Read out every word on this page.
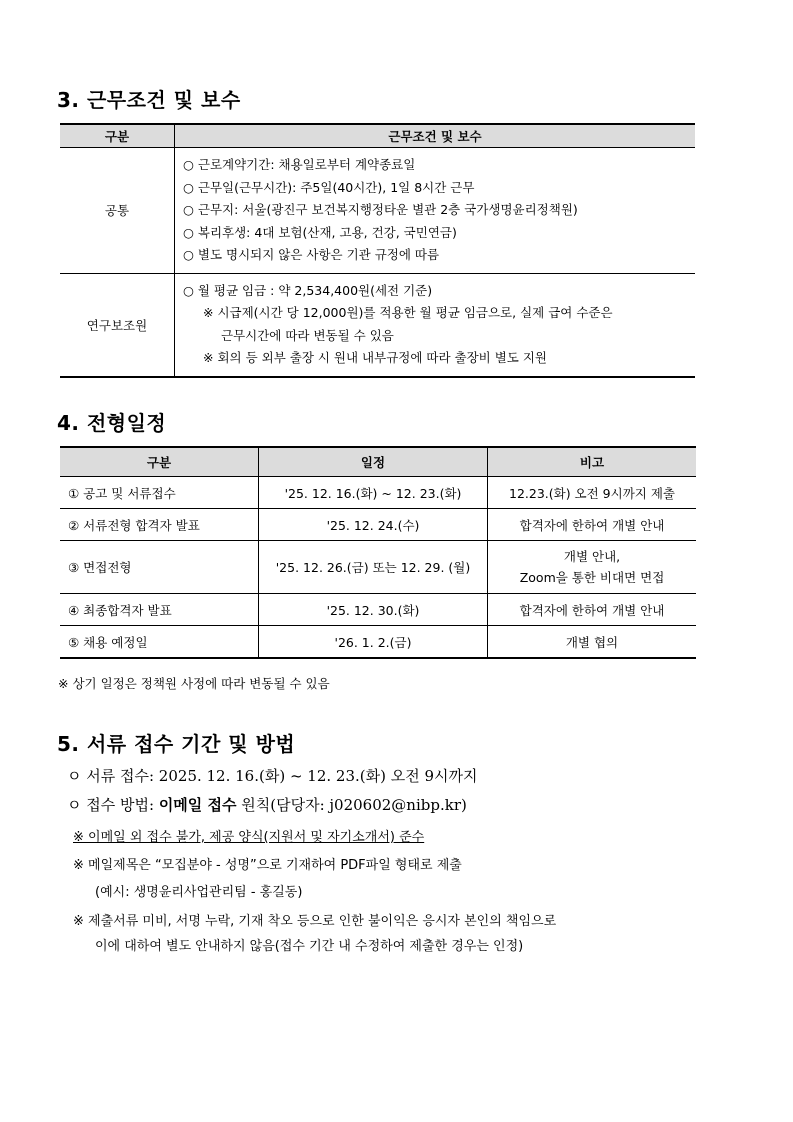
3. 근무조건 및 보수
구분	근무조건 및 보수
공통	○ 근로계약기간: 채용일로부터 계약종료일
○ 근무일(근무시간): 주5일(40시간), 1일 8시간 근무
○ 근무지: 서울(광진구 보건복지행정타운 별관 2층 국가생명윤리정책원)
○ 복리후생: 4대 보험(산재, 고용, 건강, 국민연금)
○ 별도 명시되지 않은 사항은 기관 규정에 따름

연구보조원	○ 월 평균 임금 : 약 2,534,400원(세전 기준)
※ 시급제(시간 당 12,000원)를 적용한 월 평균 임금으로, 실제 급여 수준은
근무시간에 따라 변동될 수 있음
※ 회의 등 외부 출장 시 원내 내부규정에 따라 출장비 별도 지원
4. 전형일정
구분	일정	비고
① 공고 및 서류접수	'25. 12. 16.(화) ~ 12. 23.(화)	12.23.(화) 오전 9시까지 제출
② 서류전형 합격자 발표	'25. 12. 24.(수)	합격자에 한하여 개별 안내
③ 면접전형	'25. 12. 26.(금) 또는 12. 29. (월)	개별 안내,
Zoom을 통한 비대면 면접

④ 최종합격자 발표	'25. 12. 30.(화)	합격자에 한하여 개별 안내
⑤ 채용 예정일	'26. 1. 2.(금)	개별 협의
※ 상기 일정은 정책원 사정에 따라 변동될 수 있음
5. 서류 접수 기간 및 방법
ㅇ 서류 접수: 2025. 12. 16.(화) ~ 12. 23.(화) 오전 9시까지
ㅇ 접수 방법: 이메일 접수 원칙(담당자: j020602@nibp.kr)
※ 이메일 외 접수 불가, 제공 양식(지원서 및 자기소개서) 준수
※ 메일제목은 “모집분야 - 성명”으로 기재하여 PDF파일 형태로 제출
(예시: 생명윤리사업관리팀 - 홍길동)
※ 제출서류 미비, 서명 누락, 기재 착오 등으로 인한 불이익은 응시자 본인의 책임으로
이에 대하여 별도 안내하지 않음(접수 기간 내 수정하여 제출한 경우는 인정)
